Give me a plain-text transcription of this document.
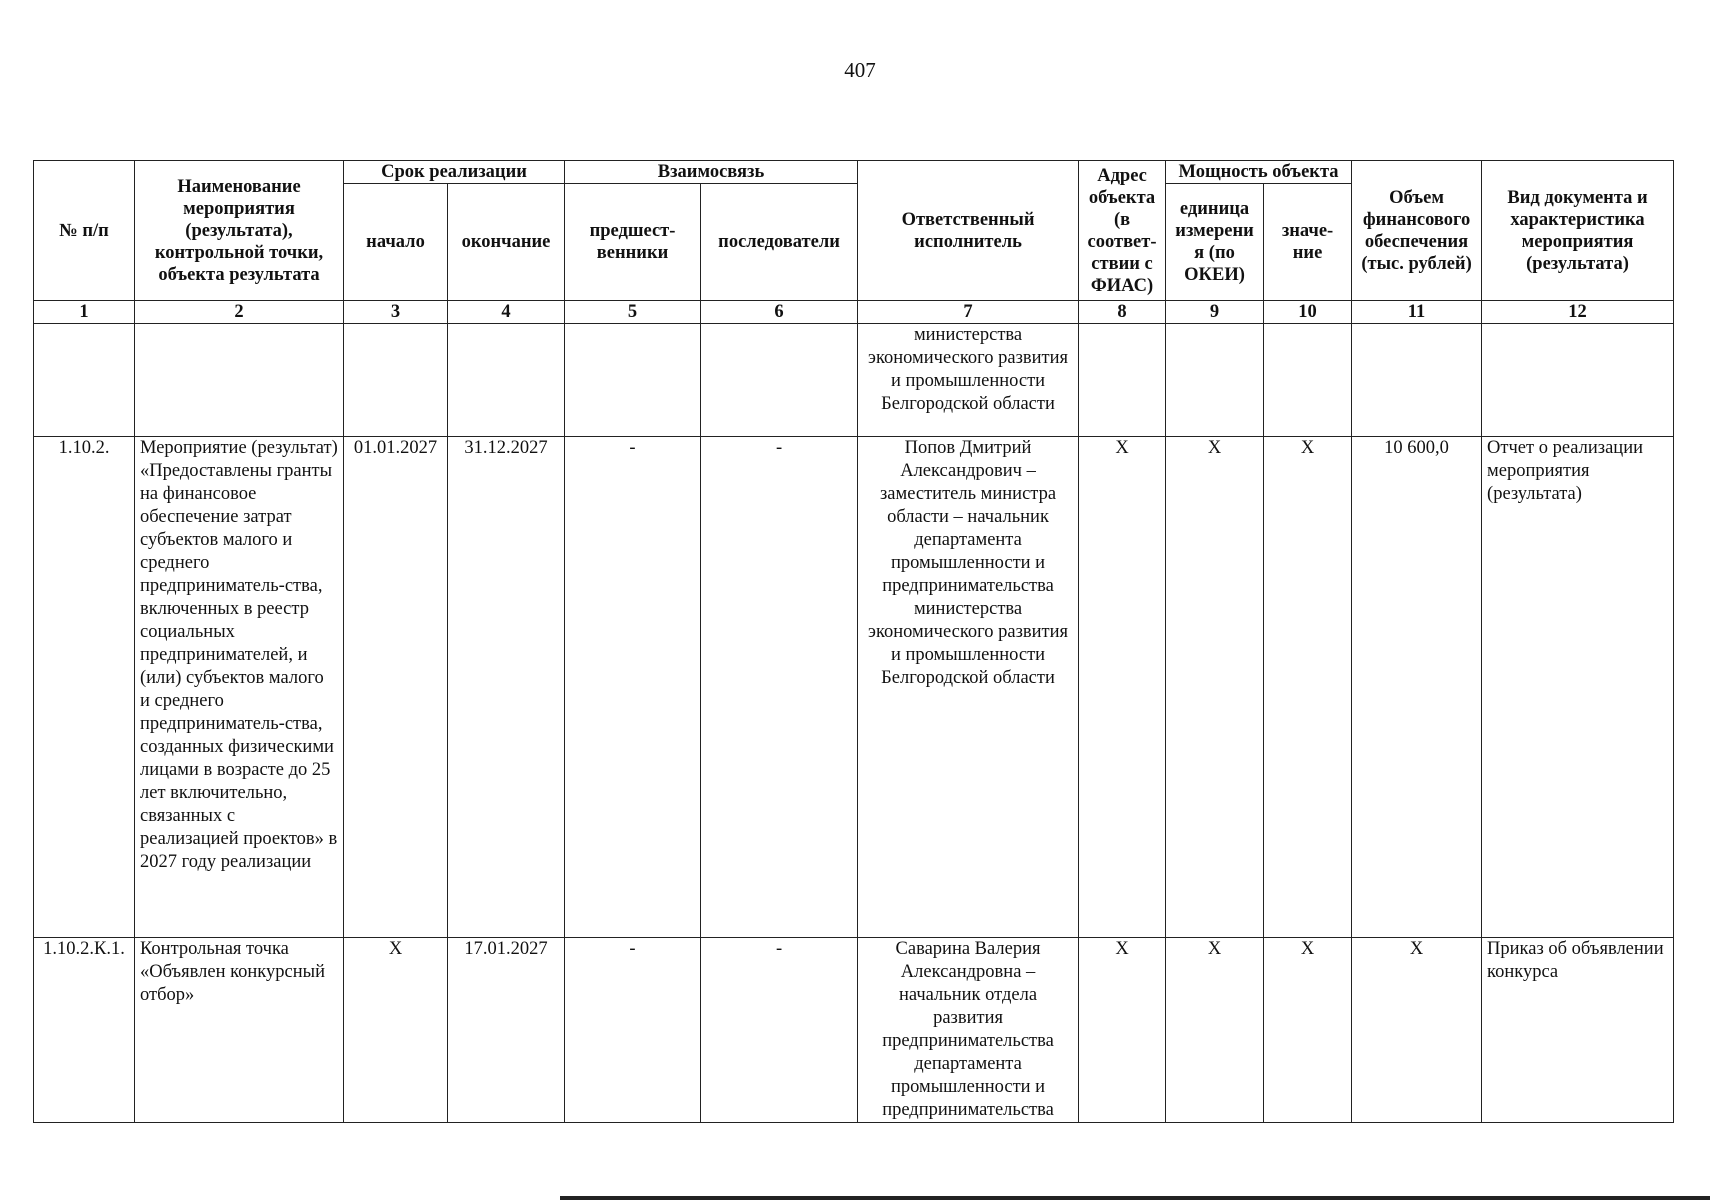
407
№ п/п	Наименование мероприятия (результата), контрольной точки, объекта результата	Срок реализации		Взаимосвязь		Ответственный исполнитель	Адрес объекта (в соответ-ствии с ФИАС)	Мощность объекта		Объем финансового обеспечения (тыс. рублей)	Вид документа и характеристика мероприятия (результата)
		начало	окончание	предшест-венники	последователи			единица измерения (по ОКЕИ)	значе-ние		
1	2	3	4	5	6	7	8	9	10	11	12
						министерства экономического развития и промышленности Белгородской области					
1.10.2.	Мероприятие (результат) «Предоставлены гранты на финансовое обеспечение затрат субъектов малого и среднего предприниматель-ства, включенных в реестр социальных предпринимателей, и (или) субъектов малого и среднего предприниматель-ства, созданных физическими лицами в возрасте до 25 лет включительно, связанных с реализацией проектов» в 2027 году реализации	01.01.2027	31.12.2027	-	-	Попов Дмитрий Александрович – заместитель министра области – начальник департамента промышленности и предпринимательства министерства экономического развития и промышленности Белгородской области	Х	Х	Х	10 600,0	Отчет о реализации мероприятия (результата)
1.10.2.К.1.	Контрольная точка «Объявлен конкурсный отбор»	Х	17.01.2027	-	-	Саварина Валерия Александровна – начальник отдела развития предпринимательства департамента промышленности и предпринимательства	Х	Х	Х	Х	Приказ об объявлении конкурса
